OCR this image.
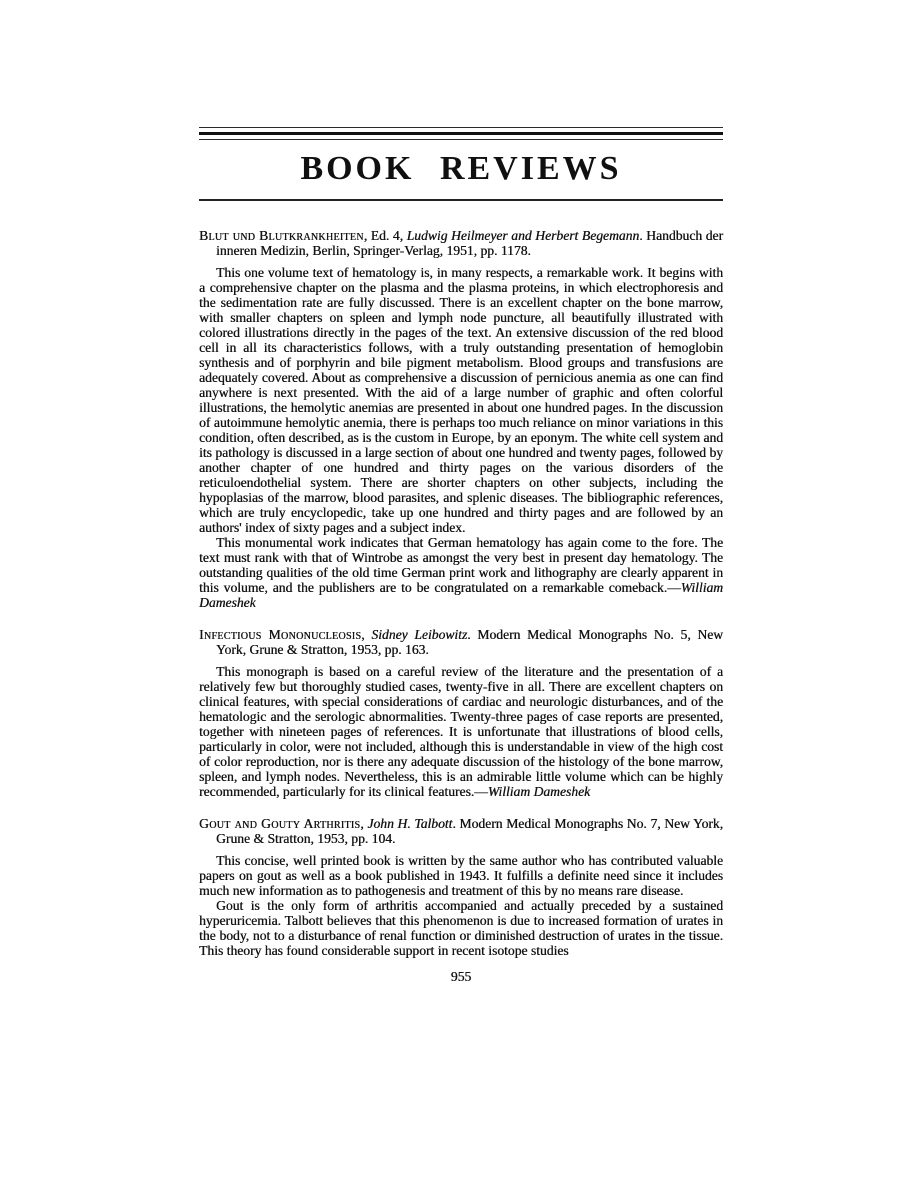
BOOK REVIEWS
Blut und Blutkrankheiten, Ed. 4, Ludwig Heilmeyer and Herbert Begemann. Handbuch der inneren Medizin, Berlin, Springer-Verlag, 1951, pp. 1178.

This one volume text of hematology is, in many respects, a remarkable work. It begins with a comprehensive chapter on the plasma and the plasma proteins, in which electrophoresis and the sedimentation rate are fully discussed. There is an excellent chapter on the bone marrow, with smaller chapters on spleen and lymph node puncture, all beautifully illustrated with colored illustrations directly in the pages of the text. An extensive discussion of the red blood cell in all its characteristics follows, with a truly outstanding presentation of hemoglobin synthesis and of porphyrin and bile pigment metabolism. Blood groups and transfusions are adequately covered. About as comprehensive a discussion of pernicious anemia as one can find anywhere is next presented. With the aid of a large number of graphic and often colorful illustrations, the hemolytic anemias are presented in about one hundred pages. In the discussion of autoimmune hemolytic anemia, there is perhaps too much reliance on minor variations in this condition, often described, as is the custom in Europe, by an eponym. The white cell system and its pathology is discussed in a large section of about one hundred and twenty pages, followed by another chapter of one hundred and thirty pages on the various disorders of the reticuloendothelial system. There are shorter chapters on other subjects, including the hypoplasias of the marrow, blood parasites, and splenic diseases. The bibliographic references, which are truly encyclopedic, take up one hundred and thirty pages and are followed by an authors' index of sixty pages and a subject index.

This monumental work indicates that German hematology has again come to the fore. The text must rank with that of Wintrobe as amongst the very best in present day hematology. The outstanding qualities of the old time German print work and lithography are clearly apparent in this volume, and the publishers are to be congratulated on a remarkable comeback.—William Dameshek

Infectious Mononucleosis, Sidney Leibowitz. Modern Medical Monographs No. 5, New York, Grune & Stratton, 1953, pp. 163.

This monograph is based on a careful review of the literature and the presentation of a relatively few but thoroughly studied cases, twenty-five in all. There are excellent chapters on clinical features, with special considerations of cardiac and neurologic disturbances, and of the hematologic and the serologic abnormalities. Twenty-three pages of case reports are presented, together with nineteen pages of references. It is unfortunate that illustrations of blood cells, particularly in color, were not included, although this is understandable in view of the high cost of color reproduction, nor is there any adequate discussion of the histology of the bone marrow, spleen, and lymph nodes. Nevertheless, this is an admirable little volume which can be highly recommended, particularly for its clinical features.—William Dameshek

Gout and Gouty Arthritis, John H. Talbott. Modern Medical Monographs No. 7, New York, Grune & Stratton, 1953, pp. 104.

This concise, well printed book is written by the same author who has contributed valuable papers on gout as well as a book published in 1943. It fulfills a definite need since it includes much new information as to pathogenesis and treatment of this by no means rare disease.

Gout is the only form of arthritis accompanied and actually preceded by a sustained hyperuricemia. Talbott believes that this phenomenon is due to increased formation of urates in the body, not to a disturbance of renal function or diminished destruction of urates in the tissue. This theory has found considerable support in recent isotope studies

955
